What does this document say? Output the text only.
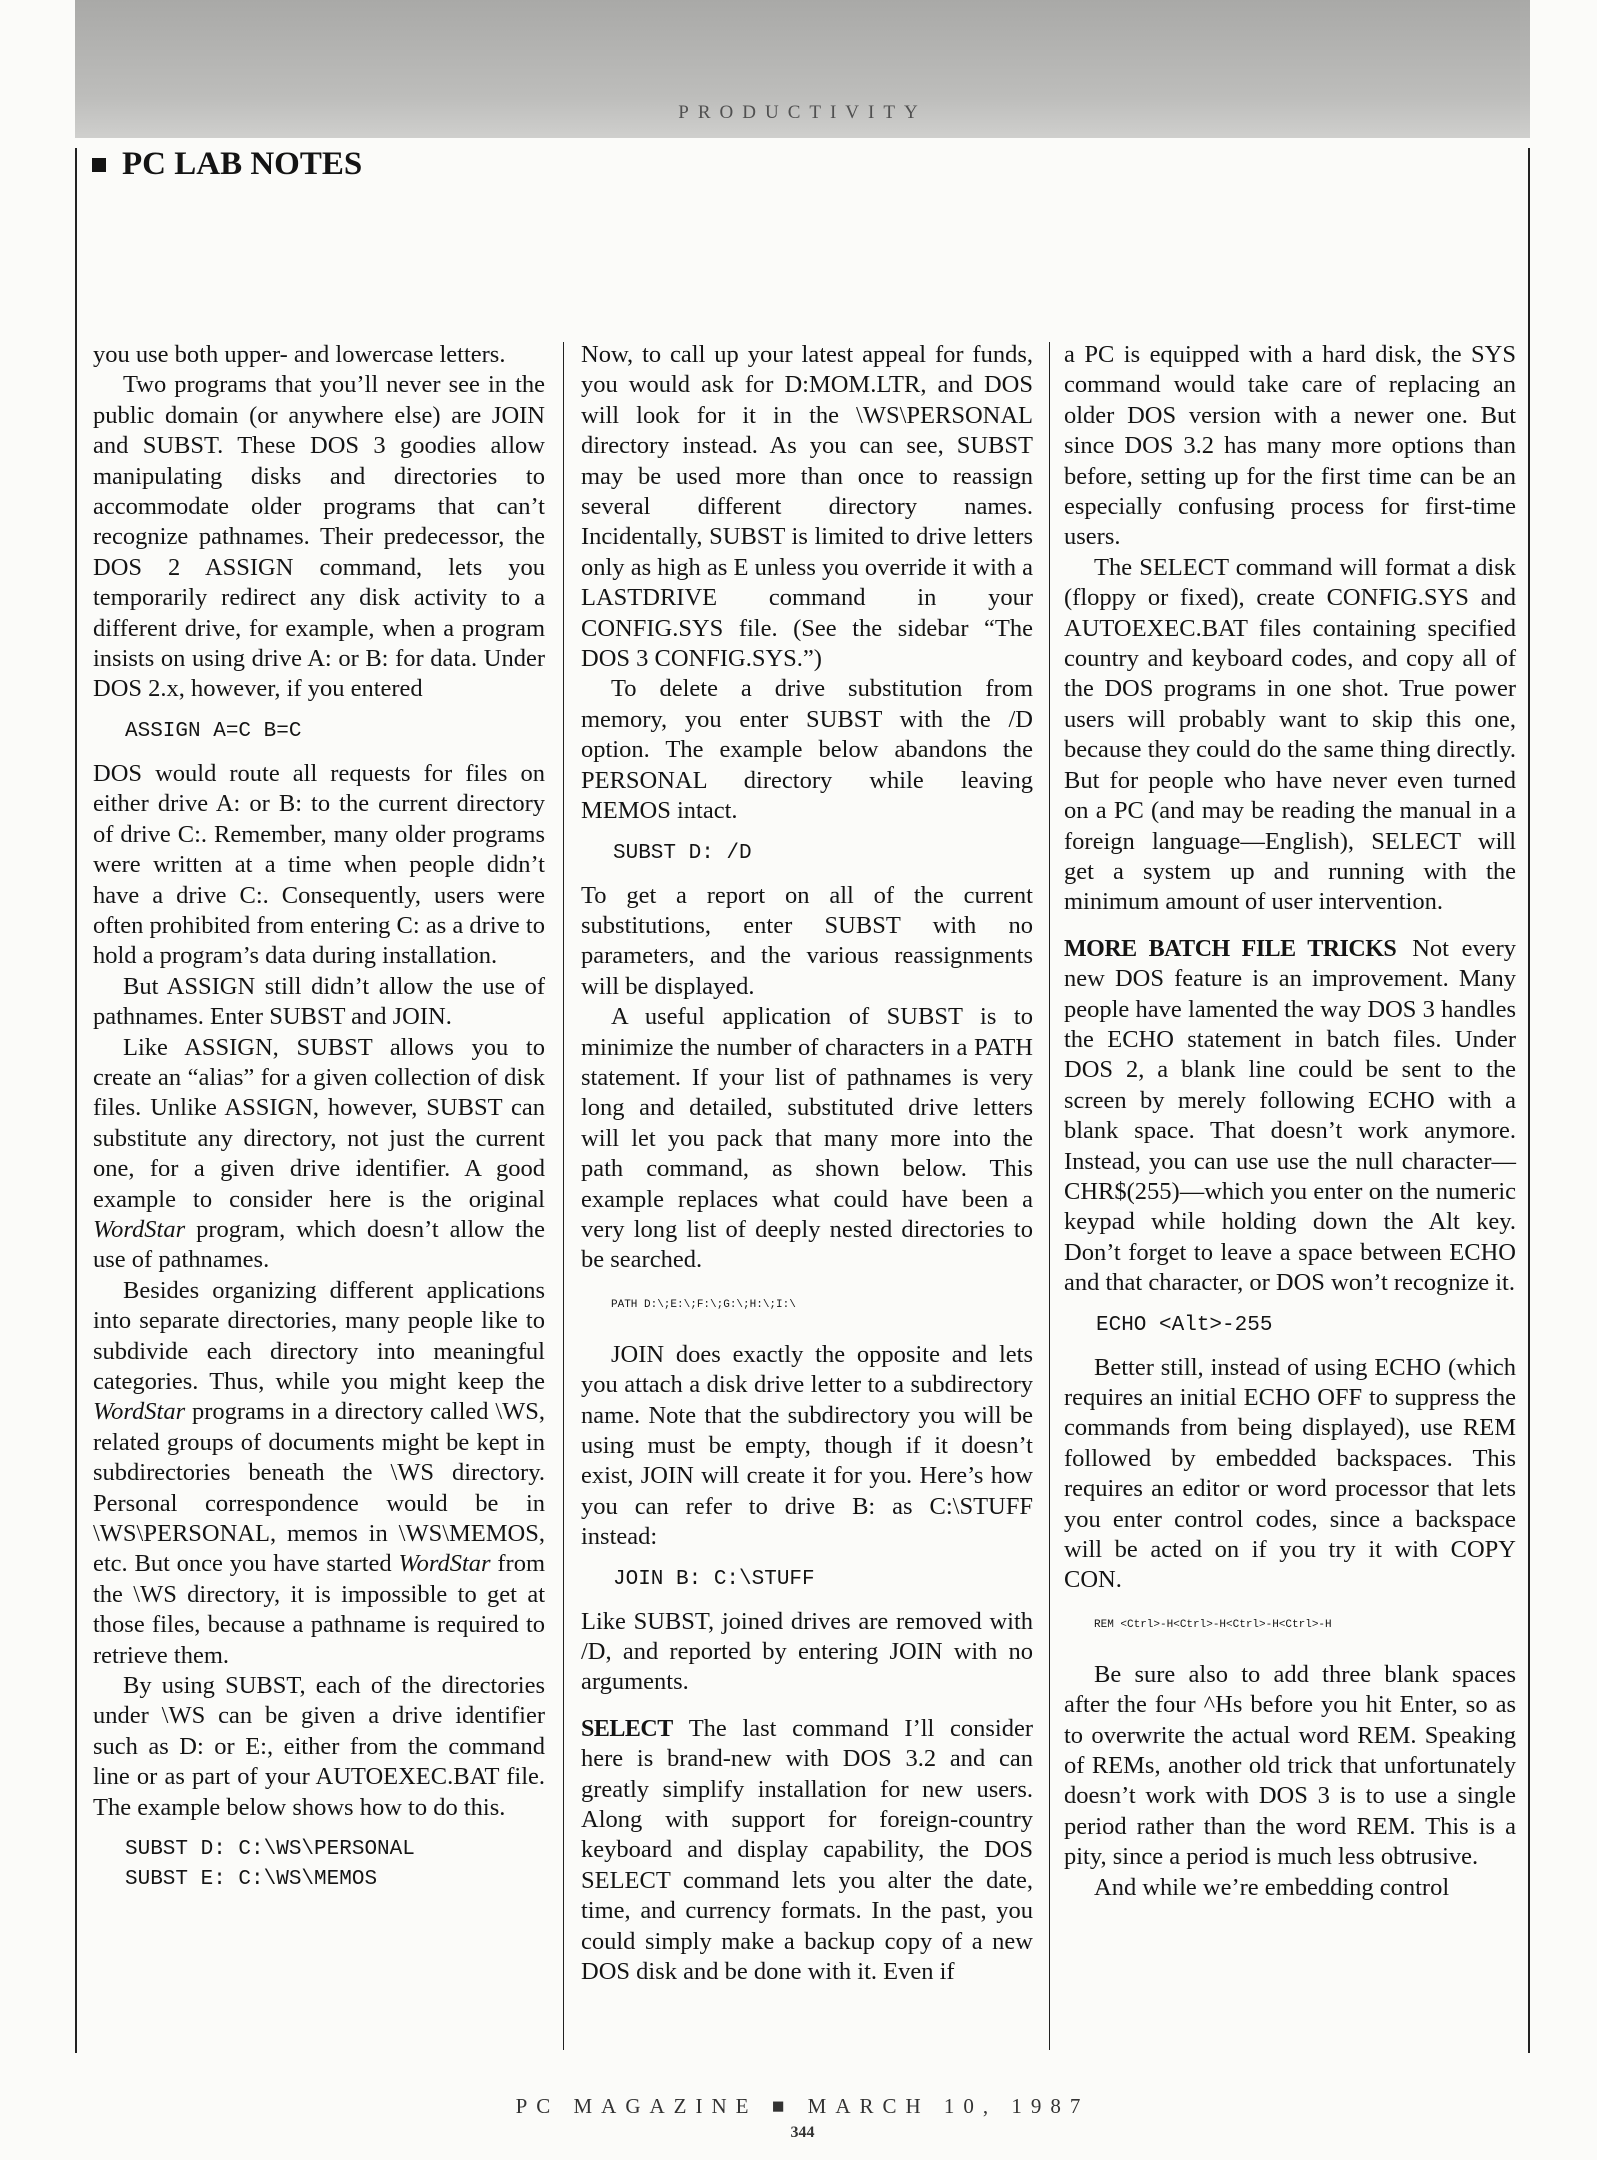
PRODUCTIVITY
PC LAB NOTES

you use both upper- and lowercase letters.

Two programs that you’ll never see in the public domain (or anywhere else) are JOIN and SUBST. These DOS 3 goodies allow manipulating disks and directories to accommodate older programs that can’t recognize pathnames. Their predecessor, the DOS 2 ASSIGN command, lets you temporarily redirect any disk activity to a different drive, for example, when a program insists on using drive A: or B: for data. Under DOS 2.x, however, if you entered

ASSIGN A=C B=C

DOS would route all requests for files on either drive A: or B: to the current directory of drive C:. Remember, many older programs were written at a time when people didn’t have a drive C:. Consequently, users were often prohibited from entering C: as a drive to hold a program’s data during installation.

But ASSIGN still didn’t allow the use of pathnames. Enter SUBST and JOIN.

Like ASSIGN, SUBST allows you to create an “alias” for a given collection of disk files. Unlike ASSIGN, however, SUBST can substitute any directory, not just the current one, for a given drive identifier. A good example to consider here is the original WordStar program, which doesn’t allow the use of pathnames.

Besides organizing different applications into separate directories, many people like to subdivide each directory into meaningful categories. Thus, while you might keep the WordStar programs in a directory called \WS, related groups of documents might be kept in subdirectories beneath the \WS directory. Personal correspondence would be in \WS\PERSONAL, memos in \WS\MEMOS, etc. But once you have started WordStar from the \WS directory, it is impossible to get at those files, because a pathname is required to retrieve them.

By using SUBST, each of the directories under \WS can be given a drive identifier such as D: or E:, either from the command line or as part of your AUTOEXEC.BAT file. The example below shows how to do this.

SUBST D: C:\WS\PERSONAL
SUBST E: C:\WS\MEMOS

Now, to call up your latest appeal for funds, you would ask for D:MOM.LTR, and DOS will look for it in the \WS\PERSONAL directory instead. As you can see, SUBST may be used more than once to reassign several different directory names. Incidentally, SUBST is limited to drive letters only as high as E unless you override it with a LASTDRIVE command in your CONFIG.SYS file. (See the sidebar “The DOS 3 CONFIG.SYS.”)

To delete a drive substitution from memory, you enter SUBST with the /D option. The example below abandons the PERSONAL directory while leaving MEMOS intact.

SUBST D: /D

To get a report on all of the current substitutions, enter SUBST with no parameters, and the various reassignments will be displayed.

A useful application of SUBST is to minimize the number of characters in a PATH statement. If your list of pathnames is very long and detailed, substituted drive letters will let you pack that many more into the path command, as shown below. This example replaces what could have been a very long list of deeply nested directories to be searched.

PATH D:\;E:\;F:\;G:\;H:\;I:\

JOIN does exactly the opposite and lets you attach a disk drive letter to a subdirectory name. Note that the subdirectory you will be using must be empty, though if it doesn’t exist, JOIN will create it for you. Here’s how you can refer to drive B: as C:\STUFF instead:

JOIN B: C:\STUFF

Like SUBST, joined drives are removed with /D, and reported by entering JOIN with no arguments.

SELECT The last command I’ll consider here is brand-new with DOS 3.2 and can greatly simplify installation for new users. Along with support for foreign-country keyboard and display capability, the DOS SELECT command lets you alter the date, time, and currency formats. In the past, you could simply make a backup copy of a new DOS disk and be done with it. Even if

a PC is equipped with a hard disk, the SYS command would take care of replacing an older DOS version with a newer one. But since DOS 3.2 has many more options than before, setting up for the first time can be an especially confusing process for first-time users.

The SELECT command will format a disk (floppy or fixed), create CONFIG.SYS and AUTOEXEC.BAT files containing specified country and keyboard codes, and copy all of the DOS programs in one shot. True power users will probably want to skip this one, because they could do the same thing directly. But for people who have never even turned on a PC (and may be reading the manual in a foreign language—English), SELECT will get a system up and running with the minimum amount of user intervention.

MORE BATCH FILE TRICKS Not every new DOS feature is an improvement. Many people have lamented the way DOS 3 handles the ECHO statement in batch files. Under DOS 2, a blank line could be sent to the screen by merely following ECHO with a blank space. That doesn’t work anymore. Instead, you can use use the null character—CHR$(255)—which you enter on the numeric keypad while holding down the Alt key. Don’t forget to leave a space between ECHO and that character, or DOS won’t recognize it.

ECHO <Alt>-255

Better still, instead of using ECHO (which requires an initial ECHO OFF to suppress the commands from being displayed), use REM followed by embedded backspaces. This requires an editor or word processor that lets you enter control codes, since a backspace will be acted on if you try it with COPY CON.

REM <Ctrl>-H<Ctrl>-H<Ctrl>-H<Ctrl>-H

Be sure also to add three blank spaces after the four ^Hs before you hit Enter, so as to overwrite the actual word REM. Speaking of REMs, another old trick that unfortunately doesn’t work with DOS 3 is to use a single period rather than the word REM. This is a pity, since a period is much less obtrusive.

And while we’re embedding control

PC MAGAZINE ■ MARCH 10, 1987
344
